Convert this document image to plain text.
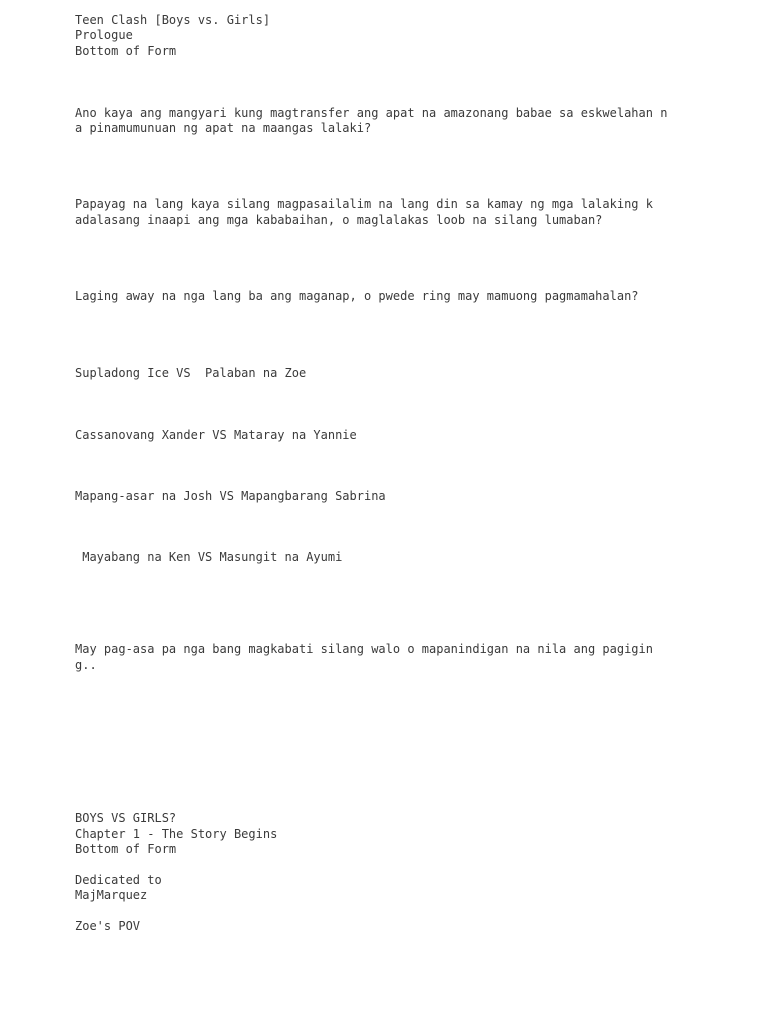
Teen Clash [Boys vs. Girls]

Prologue

Bottom of Form

Ano kaya ang mangyari kung magtransfer ang apat na amazonang babae sa eskwelahan n

a pinamumunuan ng apat na maangas lalaki?

Papayag na lang kaya silang magpasailalim na lang din sa kamay ng mga lalaking k

adalasang inaapi ang mga kababaihan, o maglalakas loob na silang lumaban?

Laging away na nga lang ba ang maganap, o pwede ring may mamuong pagmamahalan?

Supladong Ice VS  Palaban na Zoe

Cassanovang Xander VS Mataray na Yannie

Mapang-asar na Josh VS Mapangbarang Sabrina

Mayabang na Ken VS Masungit na Ayumi

May pag-asa pa nga bang magkabati silang walo o mapanindigan na nila ang pagigin

g..

BOYS VS GIRLS?

Chapter 1 - The Story Begins

Bottom of Form

Dedicated to

MajMarquez

Zoe's POV
